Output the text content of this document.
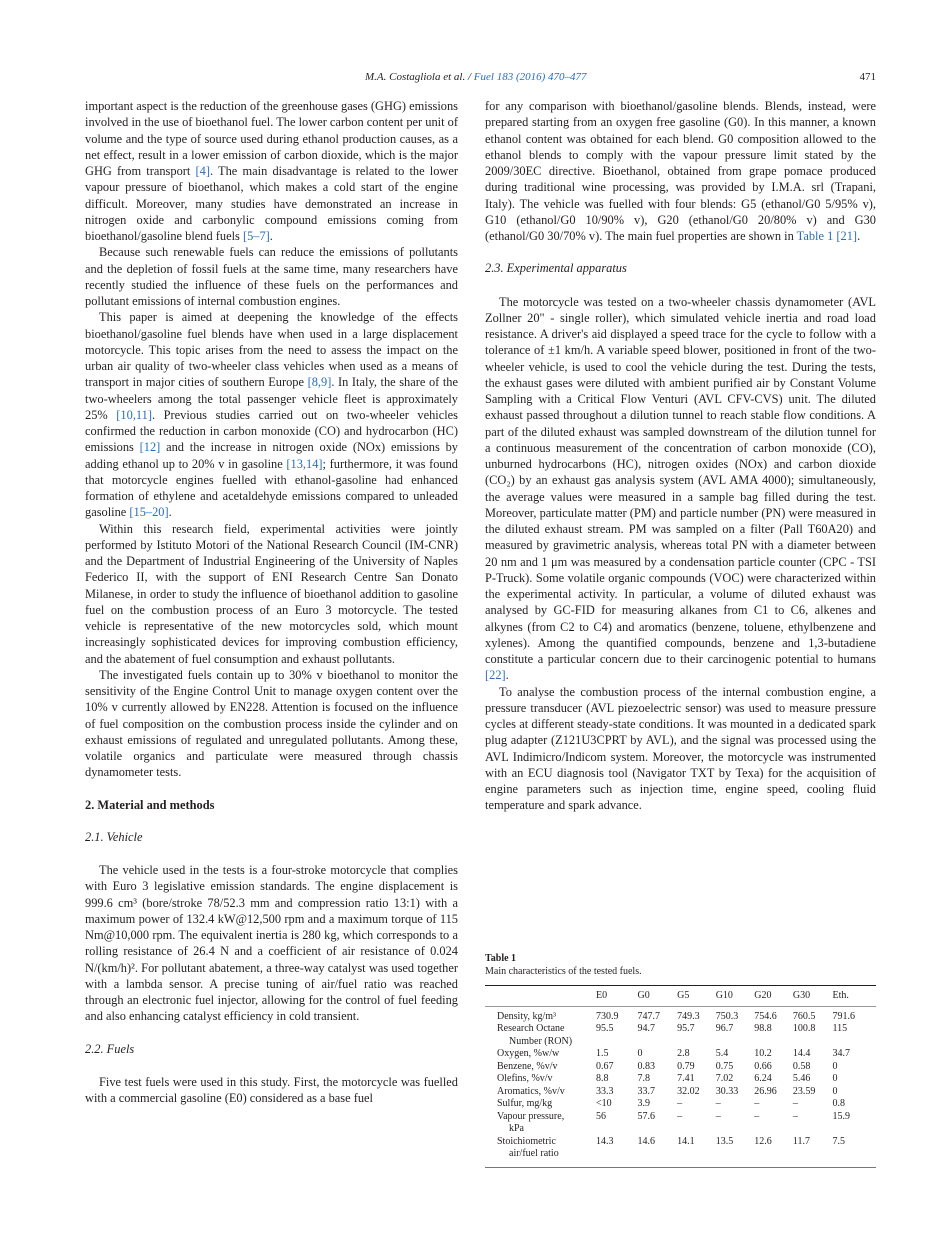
M.A. Costagliola et al. / Fuel 183 (2016) 470–477	471

important aspect is the reduction of the greenhouse gases (GHG) emissions involved in the use of bioethanol fuel. The lower carbon content per unit of volume and the type of source used during ethanol production causes, as a net effect, result in a lower emission of carbon dioxide, which is the major GHG from transport [4]. The main disadvantage is related to the lower vapour pressure of bioethanol, which makes a cold start of the engine difficult. Moreover, many studies have demonstrated an increase in nitrogen oxide and carbonylic compound emissions coming from bioethanol/gasoline blend fuels [5–7].

Because such renewable fuels can reduce the emissions of pollutants and the depletion of fossil fuels at the same time, many researchers have recently studied the influence of these fuels on the performances and pollutant emissions of internal combustion engines.

This paper is aimed at deepening the knowledge of the effects bioethanol/gasoline fuel blends have when used in a large displacement motorcycle. This topic arises from the need to assess the impact on the urban air quality of two-wheeler class vehicles when used as a means of transport in major cities of southern Europe [8,9]. In Italy, the share of the two-wheelers among the total passenger vehicle fleet is approximately 25% [10,11]. Previous studies carried out on two-wheeler vehicles confirmed the reduction in carbon monoxide (CO) and hydrocarbon (HC) emissions [12] and the increase in nitrogen oxide (NOx) emissions by adding ethanol up to 20% v in gasoline [13,14]; furthermore, it was found that motorcycle engines fuelled with ethanol-gasoline had enhanced formation of ethylene and acetaldehyde emissions compared to unleaded gasoline [15–20].

Within this research field, experimental activities were jointly performed by Istituto Motori of the National Research Council (IM-CNR) and the Department of Industrial Engineering of the University of Naples Federico II, with the support of ENI Research Centre San Donato Milanese, in order to study the influence of bioethanol addition to gasoline fuel on the combustion process of an Euro 3 motorcycle. The tested vehicle is representative of the new motorcycles sold, which mount increasingly sophisticated devices for improving combustion efficiency, and the abatement of fuel consumption and exhaust pollutants.

The investigated fuels contain up to 30% v bioethanol to monitor the sensitivity of the Engine Control Unit to manage oxygen content over the 10% v currently allowed by EN228. Attention is focused on the influence of fuel composition on the combustion process inside the cylinder and on exhaust emissions of regulated and unregulated pollutants. Among these, volatile organics and particulate were measured through chassis dynamometer tests.

2. Material and methods
2.1. Vehicle

The vehicle used in the tests is a four-stroke motorcycle that complies with Euro 3 legislative emission standards. The engine displacement is 999.6 cm³ (bore/stroke 78/52.3 mm and compression ratio 13:1) with a maximum power of 132.4 kW@12,500 rpm and a maximum torque of 115 Nm@10,000 rpm. The equivalent inertia is 280 kg, which corresponds to a rolling resistance of 26.4 N and a coefficient of air resistance of 0.024 N/(km/h)². For pollutant abatement, a three-way catalyst was used together with a lambda sensor. A precise tuning of air/fuel ratio was reached through an electronic fuel injector, allowing for the control of fuel feeding and also enhancing catalyst efficiency in cold transient.

2.2. Fuels

Five test fuels were used in this study. First, the motorcycle was fuelled with a commercial gasoline (E0) considered as a base fuel

for any comparison with bioethanol/gasoline blends. Blends, instead, were prepared starting from an oxygen free gasoline (G0). In this manner, a known ethanol content was obtained for each blend. G0 composition allowed to the ethanol blends to comply with the vapour pressure limit stated by the 2009/30EC directive. Bioethanol, obtained from grape pomace produced during traditional wine processing, was provided by I.M.A. srl (Trapani, Italy). The vehicle was fuelled with four blends: G5 (ethanol/G0 5/95% v), G10 (ethanol/G0 10/90% v), G20 (ethanol/G0 20/80% v) and G30 (ethanol/G0 30/70% v). The main fuel properties are shown in Table 1 [21].

2.3. Experimental apparatus

The motorcycle was tested on a two-wheeler chassis dynamometer (AVL Zollner 20" - single roller), which simulated vehicle inertia and road load resistance. A driver's aid displayed a speed trace for the cycle to follow with a tolerance of ±1 km/h. A variable speed blower, positioned in front of the two-wheeler vehicle, is used to cool the vehicle during the test. During the tests, the exhaust gases were diluted with ambient purified air by Constant Volume Sampling with a Critical Flow Venturi (AVL CFV-CVS) unit. The diluted exhaust passed throughout a dilution tunnel to reach stable flow conditions. A part of the diluted exhaust was sampled downstream of the dilution tunnel for a continuous measurement of the concentration of carbon monoxide (CO), unburned hydrocarbons (HC), nitrogen oxides (NOx) and carbon dioxide (CO₂) by an exhaust gas analysis system (AVL AMA 4000); simultaneously, the average values were measured in a sample bag filled during the test. Moreover, particulate matter (PM) and particle number (PN) were measured in the diluted exhaust stream. PM was sampled on a filter (Pall T60A20) and measured by gravimetric analysis, whereas total PN with a diameter between 20 nm and 1 μm was measured by a condensation particle counter (CPC - TSI P-Truck). Some volatile organic compounds (VOC) were characterized within the experimental activity. In particular, a volume of diluted exhaust was analysed by GC-FID for measuring alkanes from C1 to C6, alkenes and alkynes (from C2 to C4) and aromatics (benzene, toluene, ethylbenzene and xylenes). Among the quantified compounds, benzene and 1,3-butadiene constitute a particular concern due to their carcinogenic potential to humans [22].

To analyse the combustion process of the internal combustion engine, a pressure transducer (AVL piezoelectric sensor) was used to measure pressure cycles at different steady-state conditions. It was mounted in a dedicated spark plug adapter (Z121U3CPRT by AVL), and the signal was processed using the AVL Indimicro/Indicom system. Moreover, the motorcycle was instrumented with an ECU diagnosis tool (Navigator TXT by Texa) for the acquisition of engine parameters such as injection time, engine speed, cooling fluid temperature and spark advance.

Table 1
Main characteristics of the tested fuels.
	E0	G0	G5	G10	G20	G30	Eth.

Density, kg/m³	730.9	747.7	749.3	750.3	754.6	760.5	791.6

Research Octane
Number (RON)	95.5	94.7	95.7	96.7	98.8	100.8	115

Oxygen, %w/w	1.5	0	2.8	5.4	10.2	14.4	34.7

Benzene, %v/v	0.67	0.83	0.79	0.75	0.66	0.58	0

Olefins, %v/v	8.8	7.8	7.41	7.02	6.24	5.46	0

Aromatics, %v/v	33.3	33.7	32.02	30.33	26.96	23.59	0

Sulfur, mg/kg	<10	3.9	–	–	–	–	0.8

Vapour pressure,
kPa	56	57.6	–	–	–	–	15.9

Stoichiometric
air/fuel ratio	14.3	14.6	14.1	13.5	12.6	11.7	7.5
